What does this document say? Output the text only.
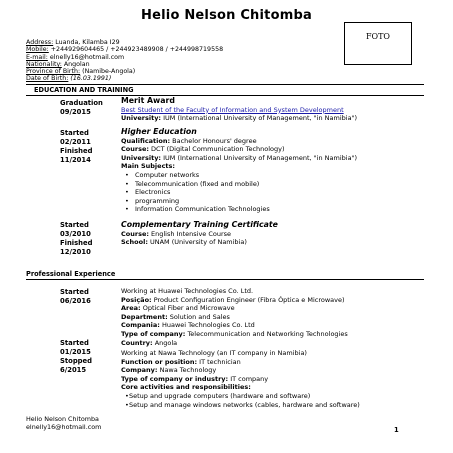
Helio Nelson Chitomba
FOTO
Address: Luanda, Kilamba I29
Mobile: +244929604465 / +244923489908 / +244998719558
E-mail: elnelly16@hotmail.com
Nationality: Angolan
Province of Birth: (Namibe-Angola)
Date of Birth: (16.03.1991)
EDUCATION AND TRAINING
Graduation
09/2015
Merit Award
Best Student of the Faculty of Information and System Development
University: IUM (International University of Management, "in Namibia")
Started
02/2011
Finished
11/2014
Higher Education
Qualification: Bachelor Honours' degree
Course: DCT (Digital Communication Technology)
University: IUM (International University of Management, "in Namibia")
Main Subjects:
• Computer networks
• Telecommunication (fixed and mobile)
• Electronics
• programming
• Information Communication Technologies
Started
03/2010
Finished
12/2010
Complementary Training Certificate
Course: English Intensive Course
School: UNAM (University of Namibia)
Professional Experience
Started
06/2016
Working at Huawei Technologies Co. Ltd.
Posição: Product Configuration Engineer (Fibra Óptica e Microwave)
Area: Optical Fiber and Microwave
Department: Solution and Sales
Compania: Huawei Technologies Co. Ltd
Type of company: Telecommunication and Networking Technologies
Country: Angola
Started
01/2015
Stopped
6/2015
Working at Nawa Technology (an IT company in Namibia)
Function or position: IT technician
Company: Nawa Technology
Type of company or industry: IT company
Core activities and responsibilities:
• Setup and upgrade computers (hardware and software)
• Setup and manage windows networks (cables, hardware and software)
Helio Nelson Chitomba
elnelly16@hotmail.com	1
